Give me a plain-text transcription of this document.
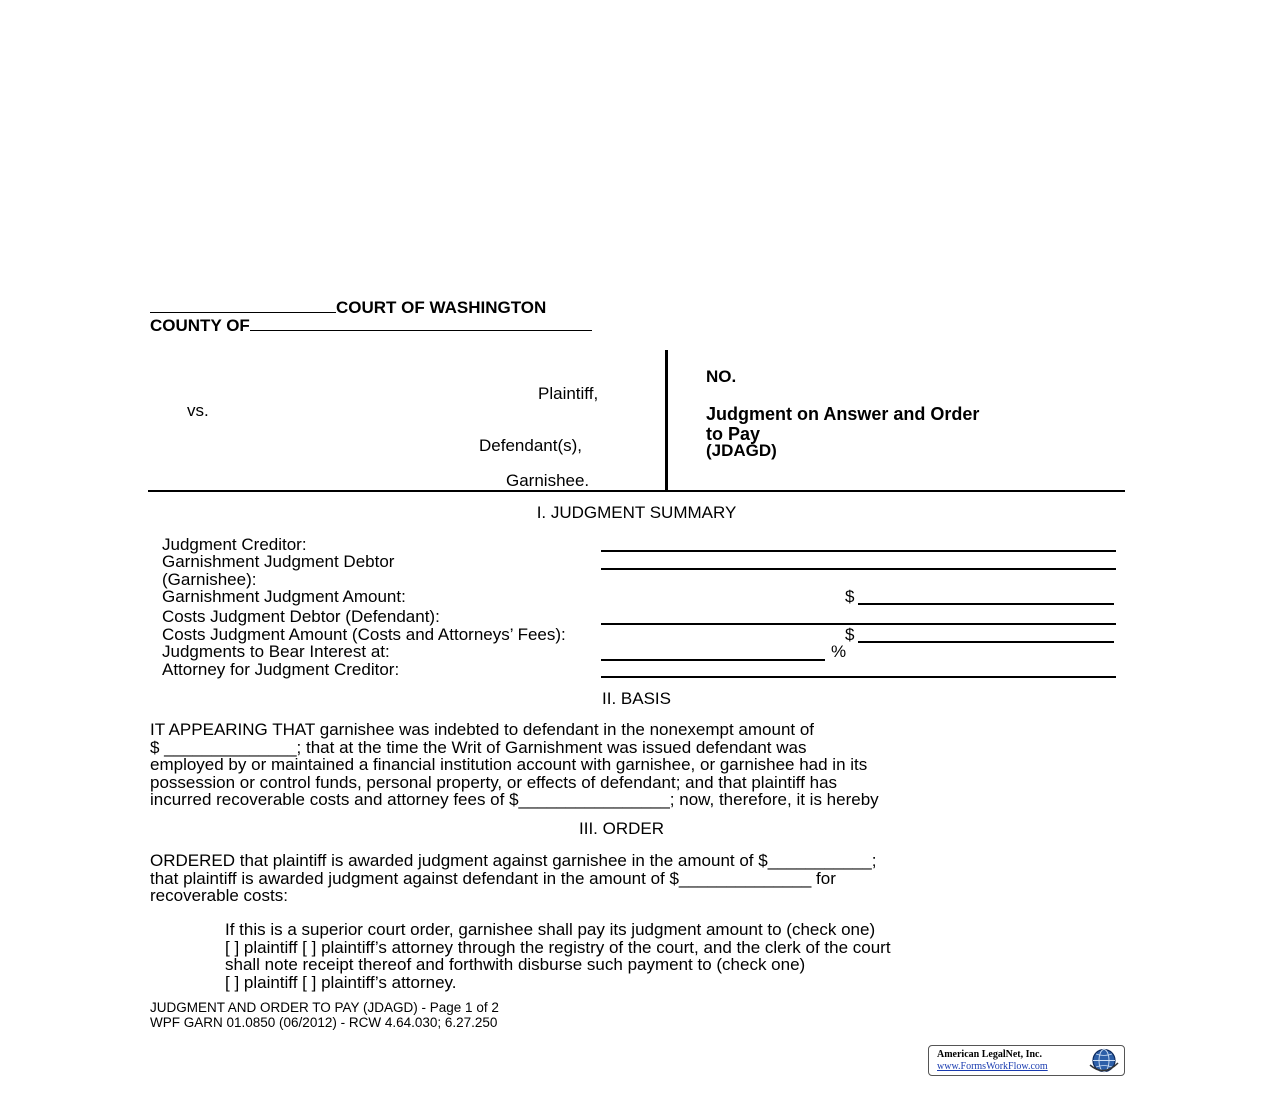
COURT OF WASHINGTON
COUNTY OF
vs.
Plaintiff,
Defendant(s),
Garnishee.
NO.
Judgment on Answer and Order
to Pay
(JDAGD)
I. JUDGMENT SUMMARY
Judgment Creditor:
Garnishment Judgment Debtor
(Garnishee):
Garnishment Judgment Amount:
Costs Judgment Debtor (Defendant):
Costs Judgment Amount (Costs and Attorneys’ Fees):
Judgments to Bear Interest at:
Attorney for Judgment Creditor:
$
$
%
II. BASIS
IT APPEARING THAT garnishee was indebted to defendant in the nonexempt amount of
$ ______________; that at the time the Writ of Garnishment was issued defendant was
employed by or maintained a financial institution account with garnishee, or garnishee had in its
possession or control funds, personal property, or effects of defendant; and that plaintiff has
incurred recoverable costs and attorney fees of $________________; now, therefore, it is hereby
III. ORDER
ORDERED that plaintiff is awarded judgment against garnishee in the amount of $___________;
that plaintiff is awarded judgment against defendant in the amount of $______________ for
recoverable costs:
If this is a superior court order, garnishee shall pay its judgment amount to (check one)
[ ] plaintiff [ ] plaintiff’s attorney through the registry of the court, and the clerk of the court
shall note receipt thereof and forthwith disburse such payment to (check one)
[ ] plaintiff [ ] plaintiff’s attorney.
JUDGMENT AND ORDER TO PAY (JDAGD) - Page 1 of 2
WPF GARN 01.0850 (06/2012) - RCW 4.64.030; 6.27.250
American LegalNet, Inc.
www.FormsWorkFlow.com
